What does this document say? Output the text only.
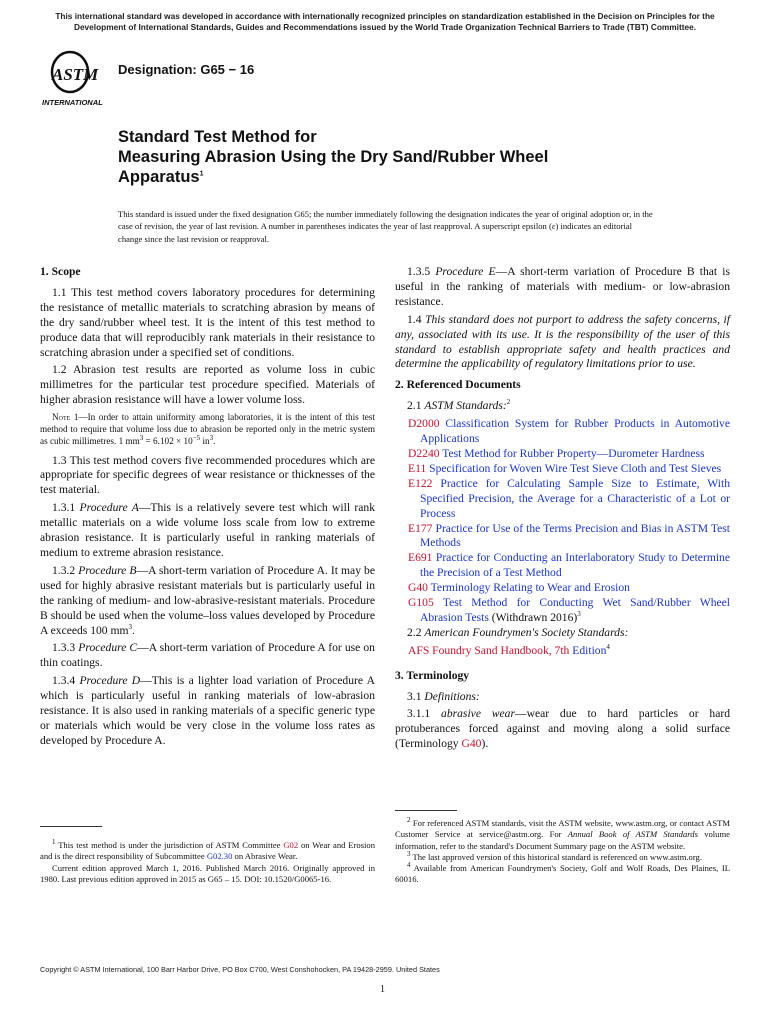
This international standard was developed in accordance with internationally recognized principles on standardization established in the Decision on Principles for the Development of International Standards, Guides and Recommendations issued by the World Trade Organization Technical Barriers to Trade (TBT) Committee.
ASTM
INTERNATIONAL
Designation: G65 − 16
Standard Test Method for
Measuring Abrasion Using the Dry Sand/Rubber Wheel
Apparatus$^1$
This standard is issued under the fixed designation G65; the number immediately following the designation indicates the year of original adoption or, in the case of revision, the year of last revision. A number in parentheses indicates the year of last reapproval. A superscript epsilon (ε) indicates an editorial change since the last revision or reapproval.
1. Scope

1.1 This test method covers laboratory procedures for determining the resistance of metallic materials to scratching abrasion by means of the dry sand/rubber wheel test. It is the intent of this test method to produce data that will reproducibly rank materials in their resistance to scratching abrasion under a specified set of conditions.

1.2 Abrasion test results are reported as volume loss in cubic millimetres for the particular test procedure specified. Materials of higher abrasion resistance will have a lower volume loss.

Note 1—In order to attain uniformity among laboratories, it is the intent of this test method to require that volume loss due to abrasion be reported only in the metric system as cubic millimetres. 1 $mm^3 = 6.102 \times 10^{-5}$ $in^3$.

1.3 This test method covers five recommended procedures which are appropriate for specific degrees of wear resistance or thicknesses of the test material.

1.3.1 Procedure A—This is a relatively severe test which will rank metallic materials on a wide volume loss scale from low to extreme abrasion resistance. It is particularly useful in ranking materials of medium to extreme abrasion resistance.

1.3.2 Procedure B—A short-term variation of Procedure A. It may be used for highly abrasive resistant materials but is particularly useful in the ranking of medium- and low-abrasive-resistant materials. Procedure B should be used when the volume–loss values developed by Procedure A exceeds 100 $mm^3$.

1.3.3 Procedure C—A short-term variation of Procedure A for use on thin coatings.

1.3.4 Procedure D—This is a lighter load variation of Procedure A which is particularly useful in ranking materials of low-abrasion resistance. It is also used in ranking materials of a specific generic type or materials which would be very close in the volume loss rates as developed by Procedure A.

$^1$ This test method is under the jurisdiction of ASTM Committee G02 on Wear and Erosion and is the direct responsibility of Subcommittee G02.30 on Abrasive Wear.

Current edition approved March 1, 2016. Published March 2016. Originally approved in 1980. Last previous edition approved in 2015 as G65 – 15. DOI: 10.1520/G0065-16.

1.3.5 Procedure E—A short-term variation of Procedure B that is useful in the ranking of materials with medium- or low-abrasion resistance.

1.4 This standard does not purport to address the safety concerns, if any, associated with its use. It is the responsibility of the user of this standard to establish appropriate safety and health practices and determine the applicability of regulatory limitations prior to use.

2. Referenced Documents

2.1 ASTM Standards:$^2$

D2000 Classification System for Rubber Products in Automotive Applications
D2240 Test Method for Rubber Property—Durometer Hardness
E11 Specification for Woven Wire Test Sieve Cloth and Test Sieves
E122 Practice for Calculating Sample Size to Estimate, With Specified Precision, the Average for a Characteristic of a Lot or Process
E177 Practice for Use of the Terms Precision and Bias in ASTM Test Methods
E691 Practice for Conducting an Interlaboratory Study to Determine the Precision of a Test Method
G40 Terminology Relating to Wear and Erosion
G105 Test Method for Conducting Wet Sand/Rubber Wheel Abrasion Tests (Withdrawn 2016)$^3$

2.2 American Foundrymen's Society Standards:

AFS Foundry Sand Handbook, 7th Edition$^4$
3. Terminology

3.1 Definitions:

3.1.1 abrasive wear—wear due to hard particles or hard protuberances forced against and moving along a solid surface (Terminology G40).

$^2$ For referenced ASTM standards, visit the ASTM website, www.astm.org, or contact ASTM Customer Service at service@astm.org. For Annual Book of ASTM Standards volume information, refer to the standard's Document Summary page on the ASTM website.

$^3$ The last approved version of this historical standard is referenced on www.astm.org.

$^4$ Available from American Foundrymen's Society, Golf and Wolf Roads, Des Plaines, IL 60016.

Copyright © ASTM International, 100 Barr Harbor Drive, PO Box C700, West Conshohocken, PA 19428-2959. United States
1
